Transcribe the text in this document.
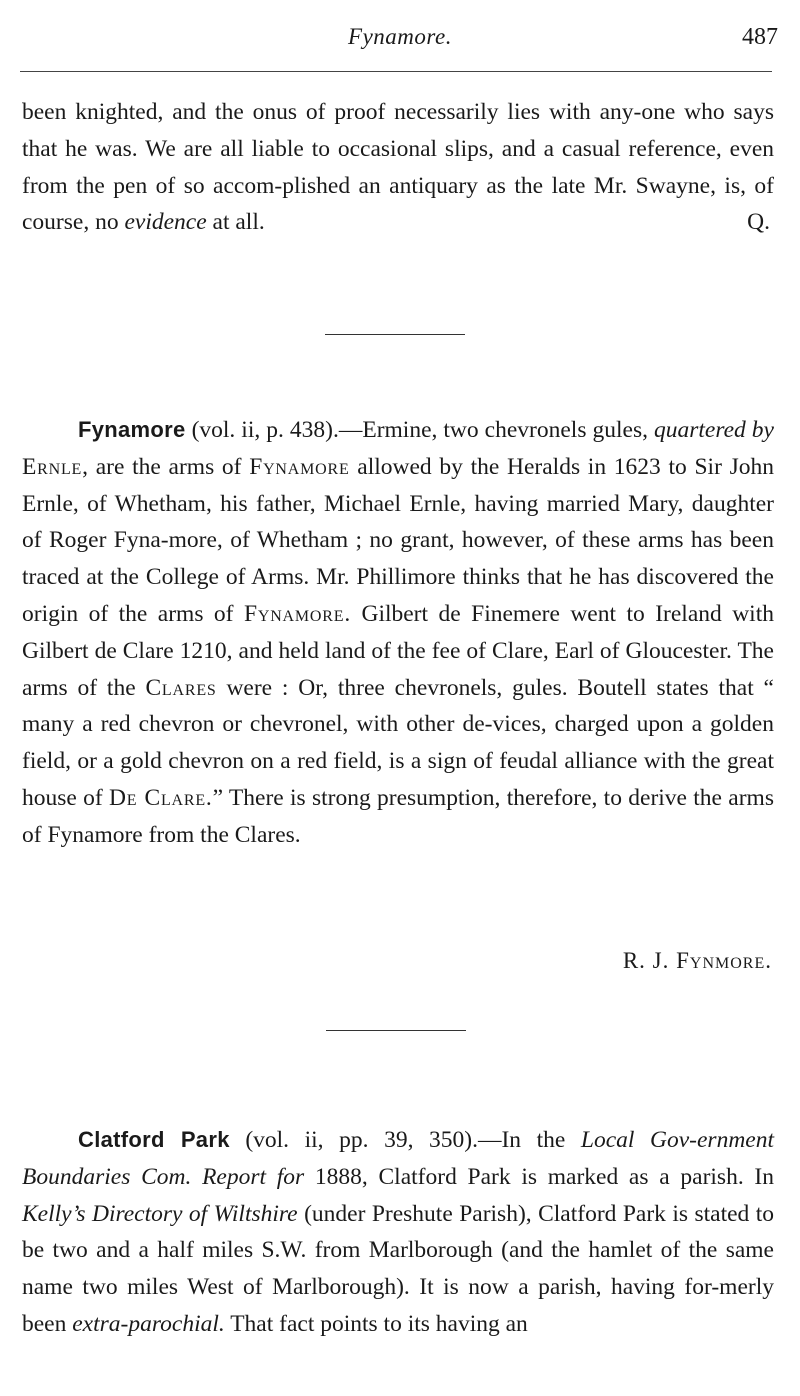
Fynamore.	487

been knighted, and the onus of proof necessarily lies with any-one who says that he was. We are all liable to occasional slips, and a casual reference, even from the pen of so accom-plished an antiquary as the late Mr. Swayne, is, of course, no evidence at all.	Q.

Fynamore (vol. ii, p. 438).—Ermine, two chevronels gules, quartered by Ernle, are the arms of Fynamore allowed by the Heralds in 1623 to Sir John Ernle, of Whetham, his father, Michael Ernle, having married Mary, daughter of Roger Fyna-more, of Whetham ; no grant, however, of these arms has been traced at the College of Arms. Mr. Phillimore thinks that he has discovered the origin of the arms of Fynamore. Gilbert de Finemere went to Ireland with Gilbert de Clare 1210, and held land of the fee of Clare, Earl of Gloucester. The arms of the Clares were : Or, three chevronels, gules. Boutell states that “ many a red chevron or chevronel, with other de-vices, charged upon a golden field, or a gold chevron on a red field, is a sign of feudal alliance with the great house of De Clare.” There is strong presumption, therefore, to derive the arms of Fynamore from the Clares.

R. J. Fynmore.

Clatford Park (vol. ii, pp. 39, 350).—In the Local Gov-ernment Boundaries Com. Report for 1888, Clatford Park is marked as a parish. In Kelly’s Directory of Wiltshire (under Preshute Parish), Clatford Park is stated to be two and a half miles S.W. from Marlborough (and the hamlet of the same name two miles West of Marlborough). It is now a parish, having for-merly been extra-parochial. That fact points to its having an
